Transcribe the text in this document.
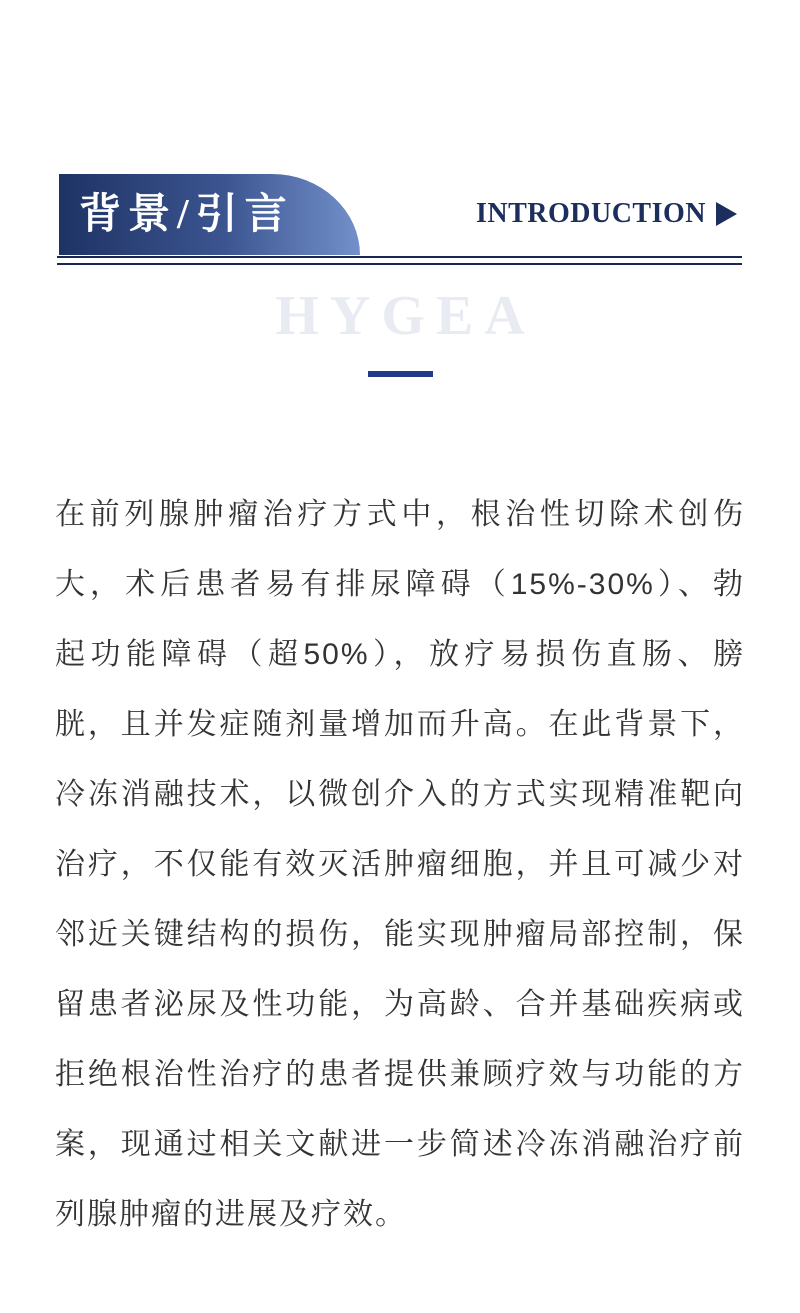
背景/引言	INTRODUCTION
HYGEA
在前列腺肿瘤治疗方式中，根治性切除术创伤
大，术后患者易有排尿障碍（15%-30%）、勃
起功能障碍（超50%），放疗易损伤直肠、膀
胱，且并发症随剂量增加而升高。在此背景下，
冷冻消融技术，以微创介入的方式实现精准靶向
治疗，不仅能有效灭活肿瘤细胞，并且可减少对
邻近关键结构的损伤，能实现肿瘤局部控制，保
留患者泌尿及性功能，为高龄、合并基础疾病或
拒绝根治性治疗的患者提供兼顾疗效与功能的方
案，现通过相关文献进一步简述冷冻消融治疗前
列腺肿瘤的进展及疗效。
